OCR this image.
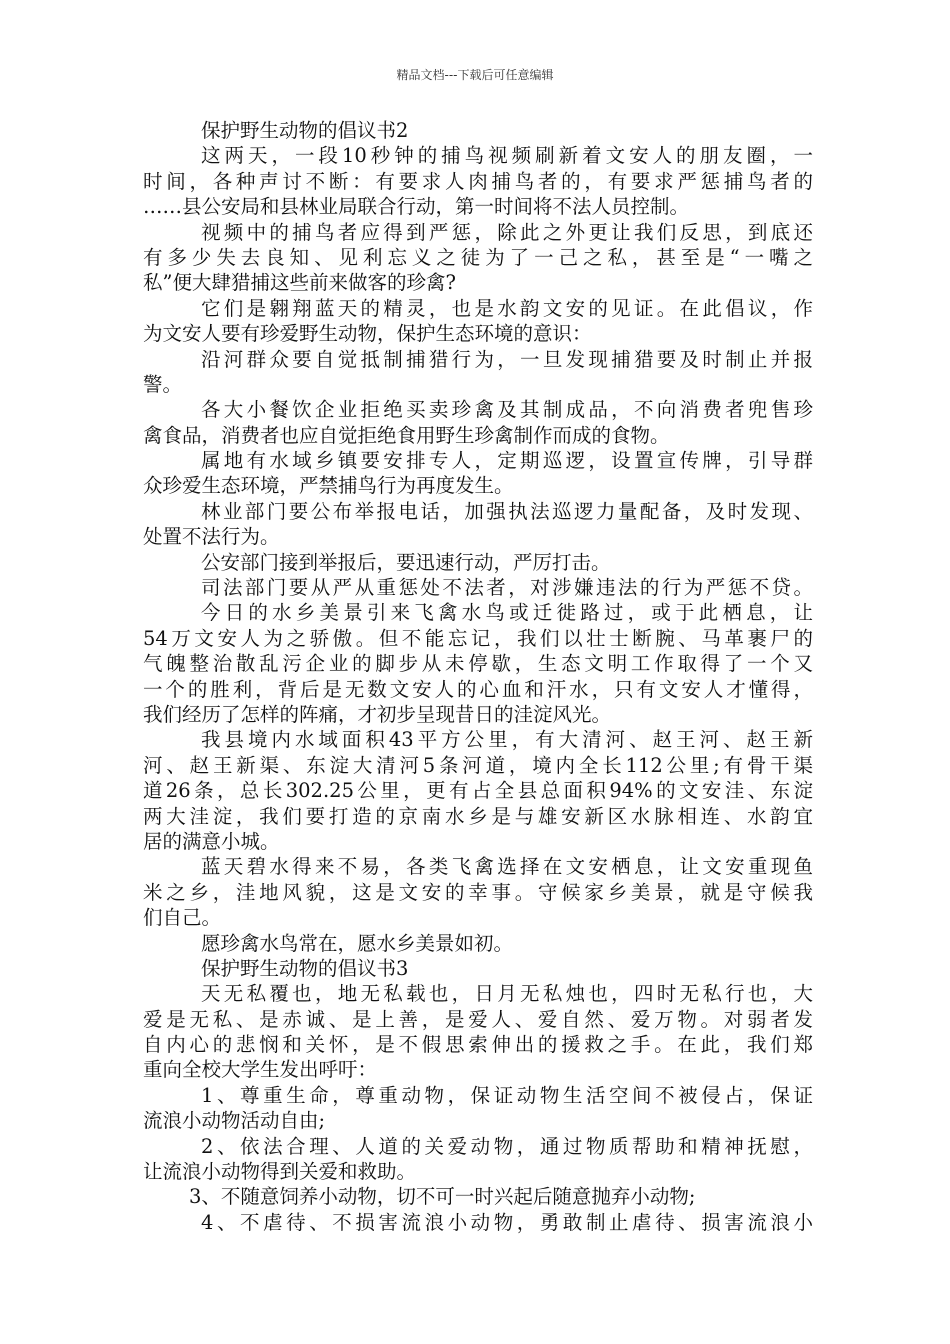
精品文档---下载后可任意编辑

保护野生动物的倡议书2

这两天，一段10秒钟的捕鸟视频刷新着文安人的朋友圈，一

时间，各种声讨不断：有要求人肉捕鸟者的，有要求严惩捕鸟者的

……县公安局和县林业局联合行动，第一时间将不法人员控制。

视频中的捕鸟者应得到严惩，除此之外更让我们反思，到底还

有多少失去良知、见利忘义之徒为了一己之私，甚至是“一嘴之

私”便大肆猎捕这些前来做客的珍禽?

它们是翱翔蓝天的精灵，也是水韵文安的见证。在此倡议，作

为文安人要有珍爱野生动物，保护生态环境的意识：

沿河群众要自觉抵制捕猎行为，一旦发现捕猎要及时制止并报

警。

各大小餐饮企业拒绝买卖珍禽及其制成品，不向消费者兜售珍

禽食品，消费者也应自觉拒绝食用野生珍禽制作而成的食物。

属地有水域乡镇要安排专人，定期巡逻，设置宣传牌，引导群

众珍爱生态环境，严禁捕鸟行为再度发生。

林业部门要公布举报电话，加强执法巡逻力量配备，及时发现、

处置不法行为。

公安部门接到举报后，要迅速行动，严厉打击。

司法部门要从严从重惩处不法者，对涉嫌违法的行为严惩不贷。

今日的水乡美景引来飞禽水鸟或迁徙路过，或于此栖息，让

54万文安人为之骄傲。但不能忘记，我们以壮士断腕、马革裹尸的

气魄整治散乱污企业的脚步从未停歇，生态文明工作取得了一个又

一个的胜利，背后是无数文安人的心血和汗水，只有文安人才懂得，

我们经历了怎样的阵痛，才初步呈现昔日的洼淀风光。

我县境内水域面积43平方公里，有大清河、赵王河、赵王新

河、赵王新渠、东淀大清河5条河道，境内全长112公里;有骨干渠

道26条，总长302.25公里，更有占全县总面积94%的文安洼、东淀

两大洼淀，我们要打造的京南水乡是与雄安新区水脉相连、水韵宜

居的满意小城。

蓝天碧水得来不易，各类飞禽选择在文安栖息，让文安重现鱼

米之乡，洼地风貌，这是文安的幸事。守候家乡美景，就是守候我

们自己。

愿珍禽水鸟常在，愿水乡美景如初。

保护野生动物的倡议书3

天无私覆也，地无私载也，日月无私烛也，四时无私行也，大

爱是无私、是赤诚、是上善，是爱人、爱自然、爱万物。对弱者发

自内心的悲悯和关怀，是不假思索伸出的援救之手。在此，我们郑

重向全校大学生发出呼吁：

1、尊重生命，尊重动物，保证动物生活空间不被侵占，保证

流浪小动物活动自由;

2、依法合理、人道的关爱动物，通过物质帮助和精神抚慰，

让流浪小动物得到关爱和救助。

3、不随意饲养小动物，切不可一时兴起后随意抛弃小动物;

4、不虐待、不损害流浪小动物，勇敢制止虐待、损害流浪小
